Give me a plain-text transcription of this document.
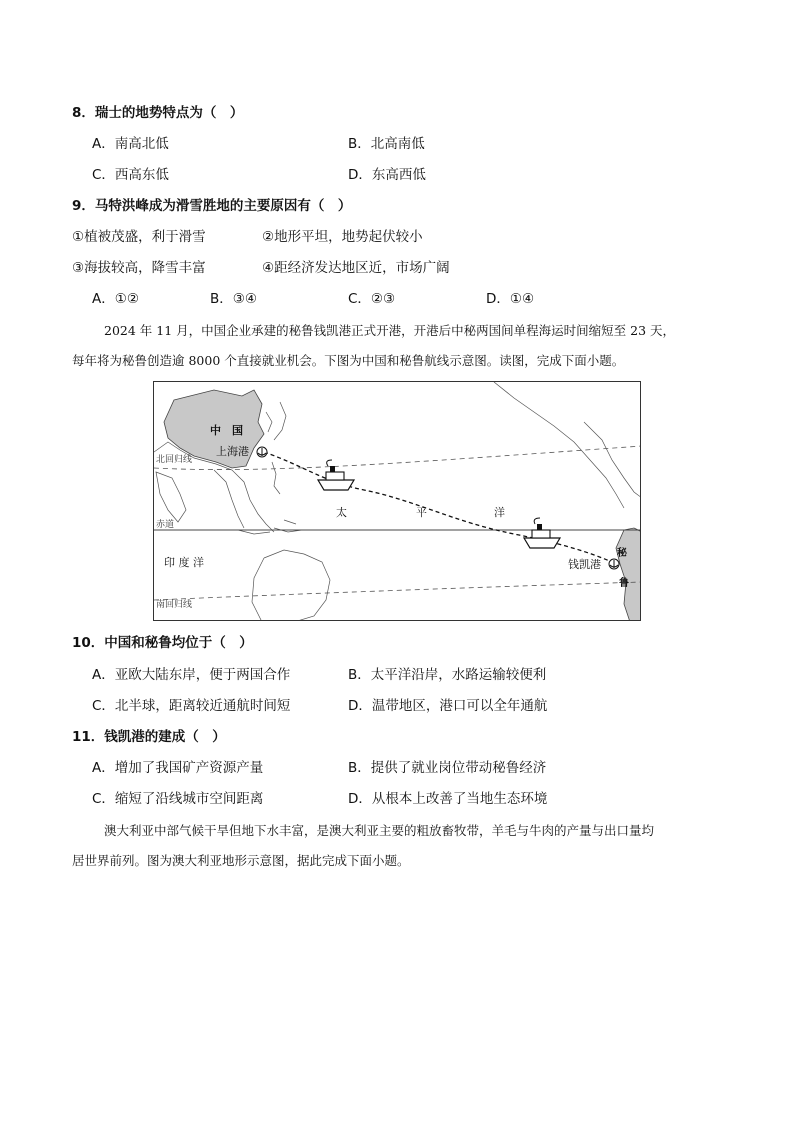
8．瑞士的地势特点为（　）
A．南高北低	B．北高南低
C．西高东低	D．东高西低
9．马特洪峰成为滑雪胜地的主要原因有（　）
①植被茂盛，利于滑雪	②地形平坦，地势起伏较小
③海拔较高，降雪丰富	④距经济发达地区近，市场广阔
A．①②	B．③④	C．②③	D．①④
2024 年 11 月，中国企业承建的秘鲁钱凯港正式开港，开港后中秘两国间单程海运时间缩短至 23 天，
每年将为秘鲁创造逾 8000 个直接就业机会。下图为中国和秘鲁航线示意图。读图，完成下面小题。
中　国
上海港
北回归线
赤道
南回归线
太	平	洋
印 度 洋	钱凯港
秘
鲁
10．中国和秘鲁均位于（　）
A．亚欧大陆东岸，便于两国合作	B．太平洋沿岸，水路运输较便利
C．北半球，距离较近通航时间短	D．温带地区，港口可以全年通航
11．钱凯港的建成（　）
A．增加了我国矿产资源产量	B．提供了就业岗位带动秘鲁经济
C．缩短了沿线城市空间距离	D．从根本上改善了当地生态环境
澳大利亚中部气候干旱但地下水丰富，是澳大利亚主要的粗放畜牧带，羊毛与牛肉的产量与出口量均
居世界前列。图为澳大利亚地形示意图，据此完成下面小题。
